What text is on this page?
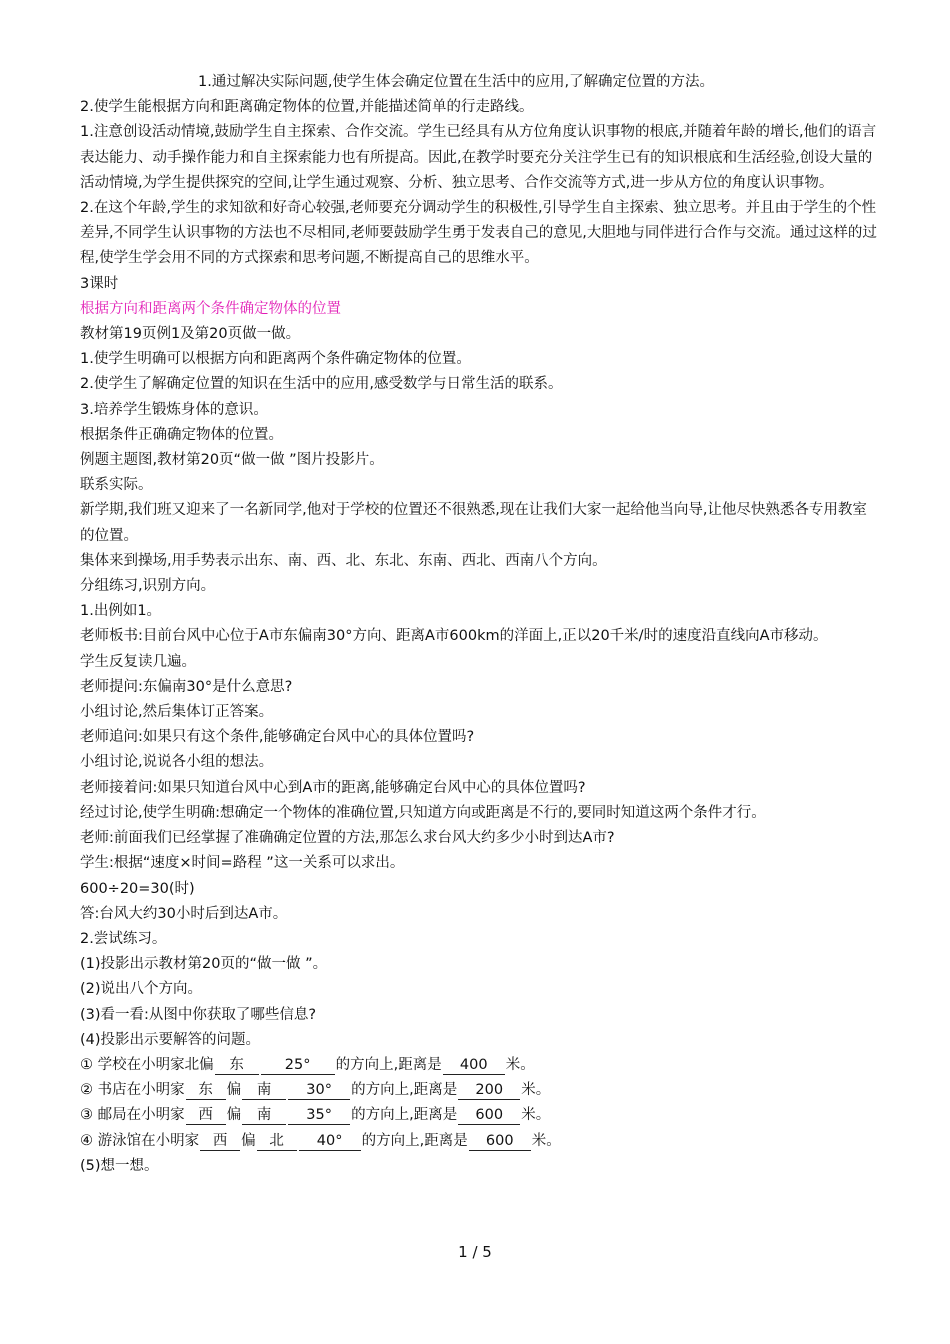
1.通过解决实际问题,使学生体会确定位置在生活中的应用,了解确定位置的方法。
2.使学生能根据方向和距离确定物体的位置,并能描述简单的行走路线。
1.注意创设活动情境,鼓励学生自主探索、合作交流。学生已经具有从方位角度认识事物的根底,并随着年龄的增长,他们的语言表达能力、动手操作能力和自主探索能力也有所提高。因此,在教学时要充分关注学生已有的知识根底和生活经验,创设大量的活动情境,为学生提供探究的空间,让学生通过观察、分析、独立思考、合作交流等方式,进一步从方位的角度认识事物。
2.在这个年龄,学生的求知欲和好奇心较强,老师要充分调动学生的积极性,引导学生自主探索、独立思考。并且由于学生的个性差异,不同学生认识事物的方法也不尽相同,老师要鼓励学生勇于发表自己的意见,大胆地与同伴进行合作与交流。通过这样的过程,使学生学会用不同的方式探索和思考问题,不断提高自己的思维水平。
3课时
根据方向和距离两个条件确定物体的位置
教材第19页例1及第20页做一做。
1.使学生明确可以根据方向和距离两个条件确定物体的位置。
2.使学生了解确定位置的知识在生活中的应用,感受数学与日常生活的联系。
3.培养学生锻炼身体的意识。
根据条件正确确定物体的位置。
例题主题图,教材第20页“做一做 ”图片投影片。
联系实际。
新学期,我们班又迎来了一名新同学,他对于学校的位置还不很熟悉,现在让我们大家一起给他当向导,让他尽快熟悉各专用教室的位置。
集体来到操场,用手势表示出东、南、西、北、东北、东南、西北、西南八个方向。
分组练习,识别方向。
1.出例如1。
老师板书:目前台风中心位于A市东偏南30°方向、距离A市600km的洋面上,正以20千米/时的速度沿直线向A市移动。
学生反复读几遍。
老师提问:东偏南30°是什么意思?
小组讨论,然后集体订正答案。
老师追问:如果只有这个条件,能够确定台风中心的具体位置吗?
小组讨论,说说各小组的想法。
老师接着问:如果只知道台风中心到A市的距离,能够确定台风中心的具体位置吗?
经过讨论,使学生明确:想确定一个物体的准确位置,只知道方向或距离是不行的,要同时知道这两个条件才行。
老师:前面我们已经掌握了准确确定位置的方法,那怎么求台风大约多少小时到达A市?
学生:根据“速度×时间=路程 ”这一关系可以求出。
600÷20=30(时)
答:台风大约30小时后到达A市。
2.尝试练习。
(1)投影出示教材第20页的“做一做 ”。
(2)说出八个方向。
(3)看一看:从图中你获取了哪些信息?
(4)投影出示要解答的问题。
① 学校在小明家北偏 东	25° 的方向上,距离是 400 米。
② 书店在小明家 东 偏 南 30° 的方向上,距离是 200 米。
③ 邮局在小明家 西 偏 南 35° 的方向上,距离是 600 米。
④ 游泳馆在小明家 西 偏 北 40° 的方向上,距离是 600 米。
(5)想一想。
1 / 5
